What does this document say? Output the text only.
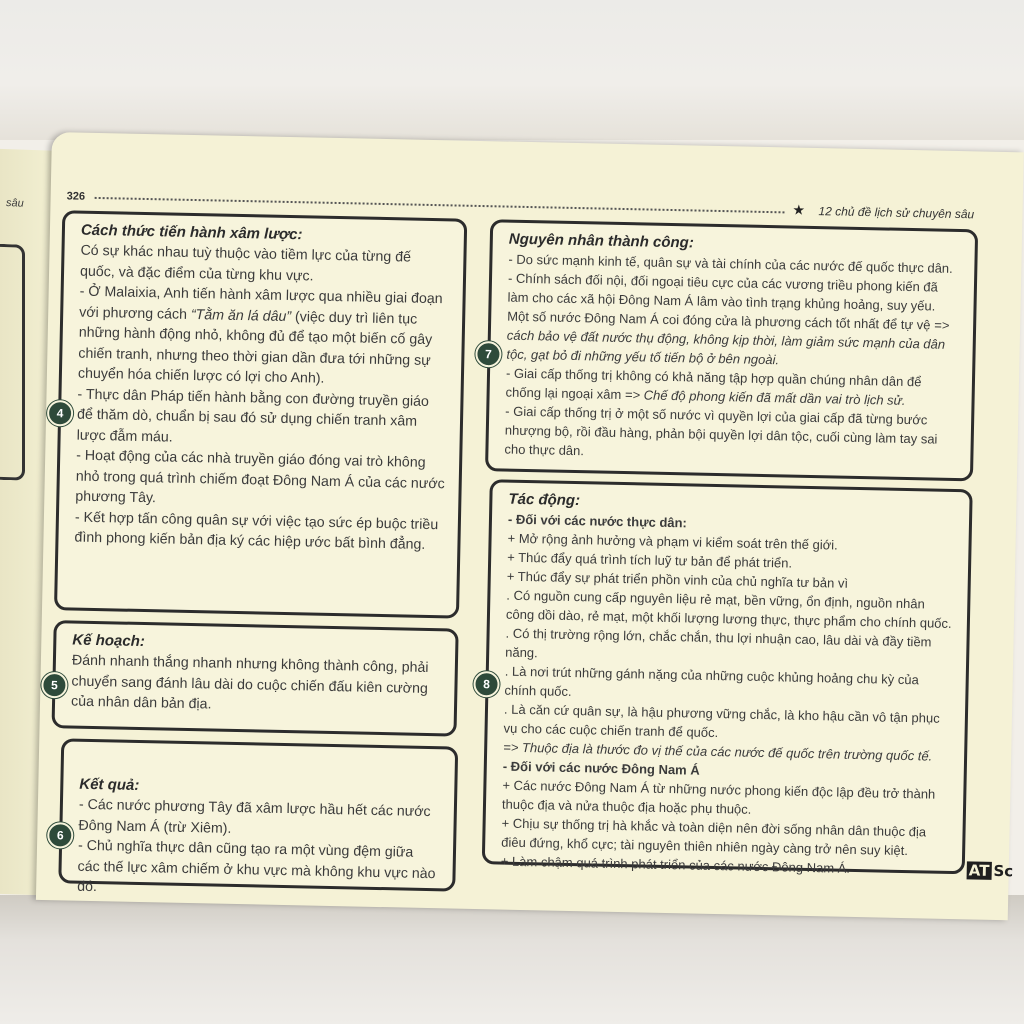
sâu
326
★ 12 chủ đề lịch sử chuyên sâu
Cách thức tiến hành xâm lược:

Có sự khác nhau tuỳ thuộc vào tiềm lực của từng đế quốc, và đặc điểm của từng khu vực.

- Ở Malaixia, Anh tiến hành xâm lược qua nhiều giai đoạn với phương cách “Tằm ăn lá dâu” (việc duy trì liên tục những hành động nhỏ, không đủ để tạo một biến cố gây chiến tranh, nhưng theo thời gian dần đưa tới những sự chuyển hóa chiến lược có lợi cho Anh).

- Thực dân Pháp tiến hành bằng con đường truyền giáo để thăm dò, chuẩn bị sau đó sử dụng chiến tranh xâm lược đẫm máu.

- Hoạt động của các nhà truyền giáo đóng vai trò không nhỏ trong quá trình chiếm đoạt Đông Nam Á của các nước phương Tây.

- Kết hợp tấn công quân sự với việc tạo sức ép buộc triều đình phong kiến bản địa ký các hiệp ước bất bình đẳng.

4
Kế hoạch:

Đánh nhanh thắng nhanh nhưng không thành công, phải chuyển sang đánh lâu dài do cuộc chiến đấu kiên cường của nhân dân bản địa.

5
Kết quả:

- Các nước phương Tây đã xâm lược hầu hết các nước Đông Nam Á (trừ Xiêm).

- Chủ nghĩa thực dân cũng tạo ra một vùng đệm giữa các thế lực xâm chiếm ở khu vực mà không khu vực nào đó.

6
Nguyên nhân thành công:

- Do sức mạnh kinh tế, quân sự và tài chính của các nước đế quốc thực dân.

- Chính sách đối nội, đối ngoại tiêu cực của các vương triều phong kiến đã làm cho các xã hội Đông Nam Á lâm vào tình trạng khủng hoảng, suy yếu. Một số nước Đông Nam Á coi đóng cửa là phương cách tốt nhất để tự vệ => cách bảo vệ đất nước thụ động, không kịp thời, làm giảm sức mạnh của dân tộc, gạt bỏ đi những yếu tố tiến bộ ở bên ngoài.

- Giai cấp thống trị không có khả năng tập hợp quần chúng nhân dân để chống lại ngoại xâm => Chế độ phong kiến đã mất dần vai trò lịch sử.

- Giai cấp thống trị ở một số nước vì quyền lợi của giai cấp đã từng bước nhượng bộ, rồi đầu hàng, phản bội quyền lợi dân tộc, cuối cùng làm tay sai cho thực dân.

7
Tác động:

- Đối với các nước thực dân:

+ Mở rộng ảnh hưởng và phạm vi kiểm soát trên thế giới.

+ Thúc đẩy quá trình tích luỹ tư bản để phát triển.

+ Thúc đẩy sự phát triển phồn vinh của chủ nghĩa tư bản vì

. Có nguồn cung cấp nguyên liệu rẻ mạt, bền vững, ổn định, nguồn nhân công dồi dào, rẻ mạt, một khối lượng lương thực, thực phẩm cho chính quốc.

. Có thị trường rộng lớn, chắc chắn, thu lợi nhuận cao, lâu dài và đầy tiềm năng.

. Là nơi trút những gánh nặng của những cuộc khủng hoảng chu kỳ của chính quốc.

. Là căn cứ quân sự, là hậu phương vững chắc, là kho hậu cần vô tận phục vụ cho các cuộc chiến tranh để quốc.

=> Thuộc địa là thước đo vị thế của các nước đế quốc trên trường quốc tế.

- Đối với các nước Đông Nam Á

+ Các nước Đông Nam Á từ những nước phong kiến độc lập đều trở thành thuộc địa và nửa thuộc địa hoặc phụ thuộc.

+ Chịu sự thống trị hà khắc và toàn diện nên đời sống nhân dân thuộc địa điêu đứng, khổ cực; tài nguyên thiên nhiên ngày càng trở nên suy kiệt.

+ Làm chậm quá trình phát triển của các nước Đông Nam Á.

8
AT Sc
